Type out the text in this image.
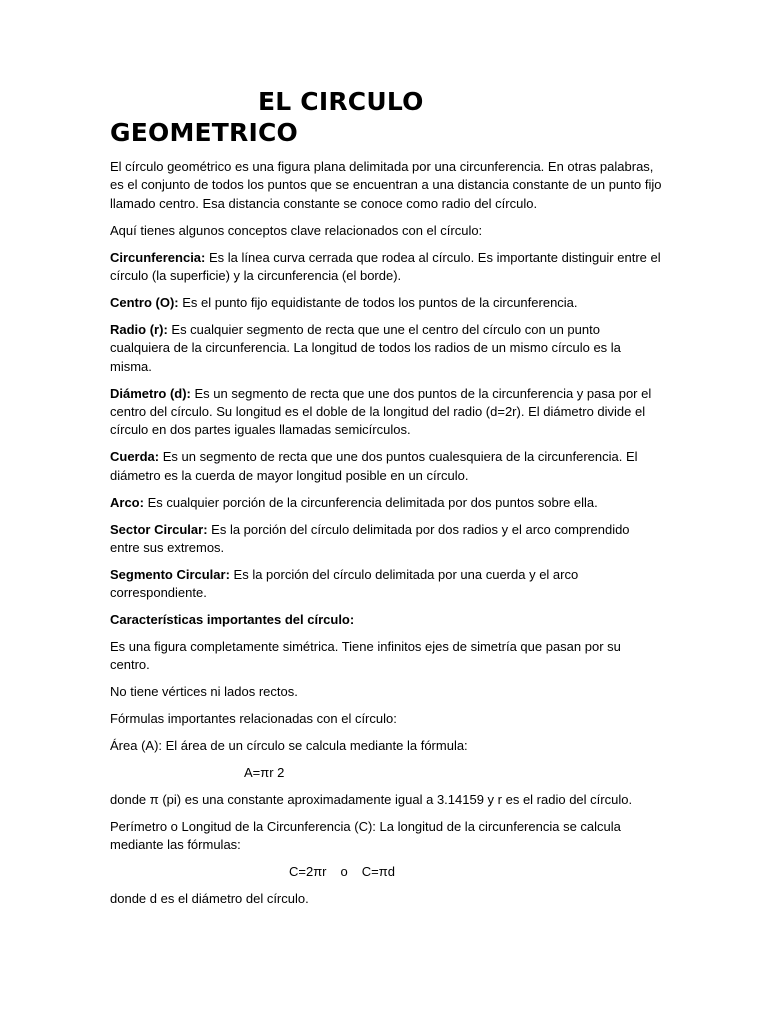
EL CIRCULO
GEOMETRICO

El círculo geométrico es una figura plana delimitada por una circunferencia. En otras palabras, es el conjunto de todos los puntos que se encuentran a una distancia constante de un punto fijo llamado centro. Esa distancia constante se conoce como radio del círculo.

Aquí tienes algunos conceptos clave relacionados con el círculo:

Circunferencia: Es la línea curva cerrada que rodea al círculo. Es importante distinguir entre el círculo (la superficie) y la circunferencia (el borde).

Centro (O): Es el punto fijo equidistante de todos los puntos de la circunferencia.

Radio (r): Es cualquier segmento de recta que une el centro del círculo con un punto cualquiera de la circunferencia. La longitud de todos los radios de un mismo círculo es la misma.

Diámetro (d): Es un segmento de recta que une dos puntos de la circunferencia y pasa por el centro del círculo. Su longitud es el doble de la longitud del radio (d=2r). El diámetro divide el círculo en dos partes iguales llamadas semicírculos.

Cuerda: Es un segmento de recta que une dos puntos cualesquiera de la circunferencia. El diámetro es la cuerda de mayor longitud posible en un círculo.

Arco: Es cualquier porción de la circunferencia delimitada por dos puntos sobre ella.

Sector Circular: Es la porción del círculo delimitada por dos radios y el arco comprendido entre sus extremos.

Segmento Circular: Es la porción del círculo delimitada por una cuerda y el arco correspondiente.

Características importantes del círculo:

Es una figura completamente simétrica. Tiene infinitos ejes de simetría que pasan por su centro.

No tiene vértices ni lados rectos.

Fórmulas importantes relacionadas con el círculo:

Área (A): El área de un círculo se calcula mediante la fórmula:

A=πr 2

donde π (pi) es una constante aproximadamente igual a 3.14159 y r es el radio del círculo.

Perímetro o Longitud de la Circunferencia (C): La longitud de la circunferencia se calcula mediante las fórmulas:

C=2πr o C=πd

donde d es el diámetro del círculo.
